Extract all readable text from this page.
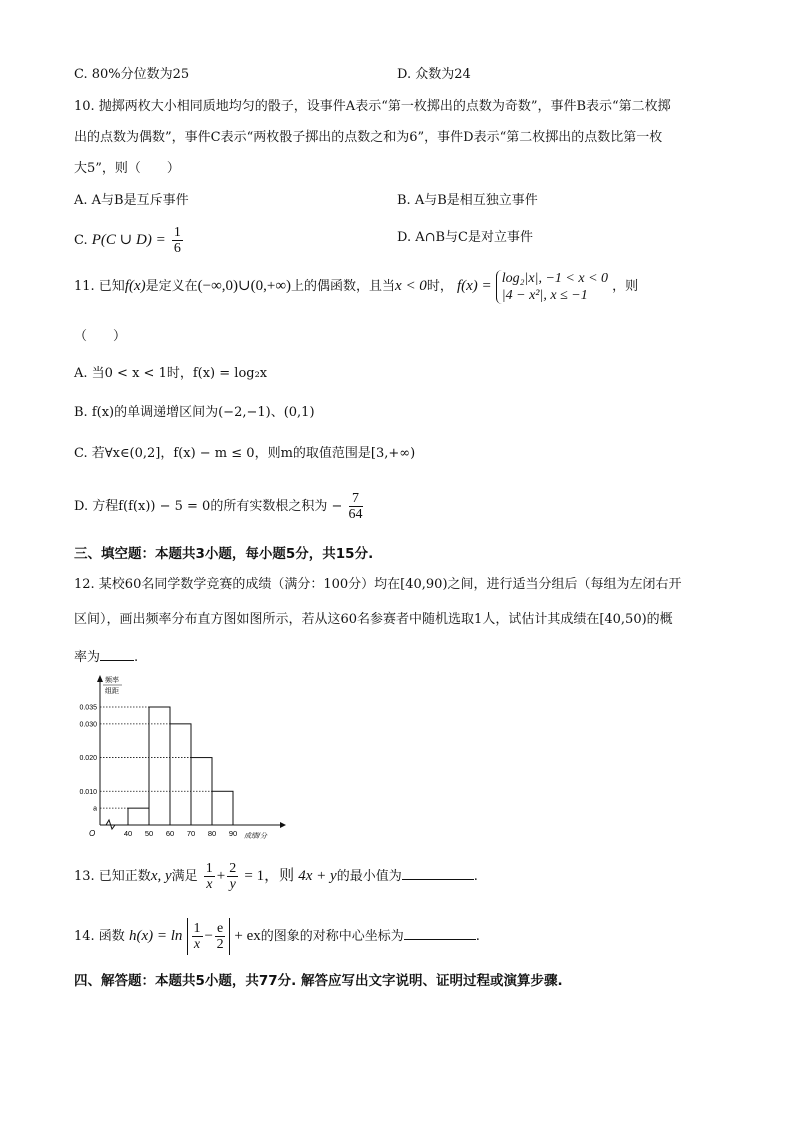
C. 80%分位数为25	D. 众数为24
10. 抛掷两枚大小相同质地均匀的骰子，设事件A表示“第一枚掷出的点数为奇数”，事件B表示“第二枚掷
出的点数为偶数”，事件C表示“两枚骰子掷出的点数之和为6”，事件D表示“第二枚掷出的点数比第一枚
大5”，则（　　）
A. A与B是互斥事件	B. A与B是相互独立事件
C. P(C ∪ $D) = \frac{1}{6}$	D. A∩B与C是对立事件
11. 已知f(x)是定义在(−∞,0)∪(0,+∞)上的偶函数，且当x < 0时， f(x) = log₂|x|, −1 < x < 0
|4 − x²|, x ≤ −1
，则
（　　）
A. 当0 < x < 1时，f(x) = log₂x
B. f(x)的单调递增区间为(−2,−1)、(0,1)
C. 若∀x∈(0,2]，f(x) − m ≤ 0，则m的取值范围是[3,+∞)
D. 方程f(f(x)) − 5 = 0的所有实数根之积为 − $\frac{7}{64}$
三、填空题：本题共3小题，每小题5分，共15分.
12. 某校60名同学数学竞赛的成绩（满分：100分）均在[40,90)之间，进行适当分组后（每组为左闭右开
区间），画出频率分布直方图如图所示，若从这60名参赛者中随机选取1人，试估计其成绩在[40,50)的概
率为	.
频率
组距
O	成绩/分
0.035
0.030
0.020
0.010
a
40 50 60 70 80 90
13. 已知正数x, y满足 $\frac{1}{x} + \frac{2}{y} = 1$，则 4x + y的最小值为	.
14. 函数 $h(x) = \ln \frac{1}{x} - \frac{e}{2}$ + ex的图象的对称中心坐标为	.
四、解答题：本题共5小题，共77分. 解答应写出文字说明、证明过程或演算步骤.
